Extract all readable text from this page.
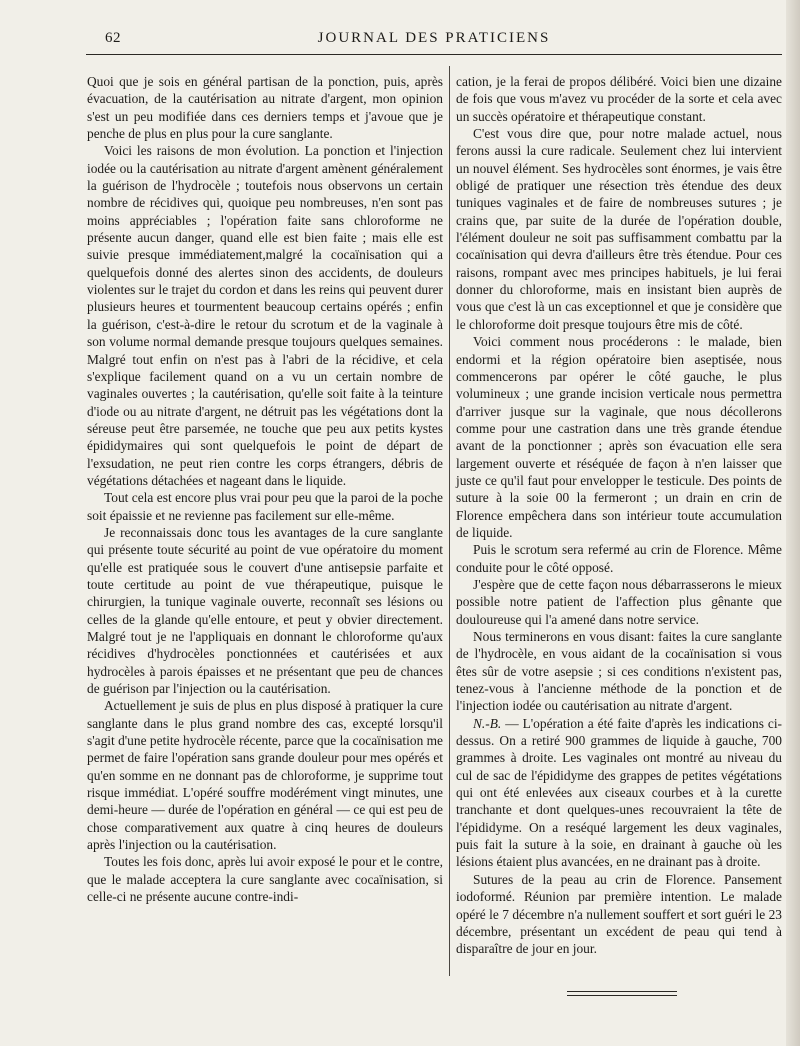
62	JOURNAL DES PRATICIENS

Quoi que je sois en général partisan de la ponction, puis, après évacuation, de la cautérisation au nitrate d'argent, mon opinion s'est un peu modifiée dans ces derniers temps et j'avoue que je penche de plus en plus pour la cure sanglante.

Voici les raisons de mon évolution. La ponction et l'injection iodée ou la cautérisation au nitrate d'argent amènent généralement la guérison de l'hydrocèle ; toutefois nous observons un certain nombre de récidives qui, quoique peu nombreuses, n'en sont pas moins appréciables ; l'opération faite sans chloroforme ne présente aucun danger, quand elle est bien faite ; mais elle est suivie presque immédiatement,malgré la cocaïnisation qui a quelquefois donné des alertes sinon des accidents, de douleurs violentes sur le trajet du cordon et dans les reins qui peuvent durer plusieurs heures et tourmentent beaucoup certains opérés ; enfin la guérison, c'est-à-dire le retour du scrotum et de la vaginale à son volume normal demande presque toujours quelques semaines. Malgré tout enfin on n'est pas à l'abri de la récidive, et cela s'explique facilement quand on a vu un certain nombre de vaginales ouvertes ; la cautérisation, qu'elle soit faite à la teinture d'iode ou au nitrate d'argent, ne détruit pas les végétations dont la séreuse peut être parsemée, ne touche que peu aux petits kystes épididymaires qui sont quelquefois le point de départ de l'exsudation, ne peut rien contre les corps étrangers, débris de végétations détachées et nageant dans le liquide.

Tout cela est encore plus vrai pour peu que la paroi de la poche soit épaissie et ne revienne pas facilement sur elle-même.

Je reconnaissais donc tous les avantages de la cure sanglante qui présente toute sécurité au point de vue opératoire du moment qu'elle est pratiquée sous le couvert d'une antisepsie parfaite et toute certitude au point de vue thérapeutique, puisque le chirurgien, la tunique vaginale ouverte, reconnaît ses lésions ou celles de la glande qu'elle entoure, et peut y obvier directement. Malgré tout je ne l'appliquais en donnant le chloroforme qu'aux récidives d'hydrocèles ponctionnées et cautérisées et aux hydrocèles à parois épaisses et ne présentant que peu de chances de guérison par l'injection ou la cautérisation.

Actuellement je suis de plus en plus disposé à pratiquer la cure sanglante dans le plus grand nombre des cas, excepté lorsqu'il s'agit d'une petite hydrocèle récente, parce que la cocaïnisation me permet de faire l'opération sans grande douleur pour mes opérés et qu'en somme en ne donnant pas de chloroforme, je supprime tout risque immédiat. L'opéré souffre modérément vingt minutes, une demi-heure — durée de l'opération en général — ce qui est peu de chose comparativement aux quatre à cinq heures de douleurs après l'injection ou la cautérisation.

Toutes les fois donc, après lui avoir exposé le pour et le contre, que le malade acceptera la cure sanglante avec cocaïnisation, si celle-ci ne présente aucune contre-indi-

cation, je la ferai de propos délibéré. Voici bien une dizaine de fois que vous m'avez vu procéder de la sorte et cela avec un succès opératoire et thérapeutique constant.

C'est vous dire que, pour notre malade actuel, nous ferons aussi la cure radicale. Seulement chez lui intervient un nouvel élément. Ses hydrocèles sont énormes, je vais être obligé de pratiquer une résection très étendue des deux tuniques vaginales et de faire de nombreuses sutures ; je crains que, par suite de la durée de l'opération double, l'élément douleur ne soit pas suffisamment combattu par la cocaïnisation qui devra d'ailleurs être très étendue. Pour ces raisons, rompant avec mes principes habituels, je lui ferai donner du chloroforme, mais en insistant bien auprès de vous que c'est là un cas exceptionnel et que je considère que le chloroforme doit presque toujours être mis de côté.

Voici comment nous procéderons : le malade, bien endormi et la région opératoire bien aseptisée, nous commencerons par opérer le côté gauche, le plus volumineux ; une grande incision verticale nous permettra d'arriver jusque sur la vaginale, que nous décollerons comme pour une castration dans une très grande étendue avant de la ponctionner ; après son évacuation elle sera largement ouverte et réséquée de façon à n'en laisser que juste ce qu'il faut pour envelopper le testicule. Des points de suture à la soie 00 la fermeront ; un drain en crin de Florence empêchera dans son intérieur toute accumulation de liquide.

Puis le scrotum sera refermé au crin de Florence. Même conduite pour le côté opposé.

J'espère que de cette façon nous débarrasserons le mieux possible notre patient de l'affection plus gênante que douloureuse qui l'a amené dans notre service.

Nous terminerons en vous disant: faites la cure sanglante de l'hydrocèle, en vous aidant de la cocaïnisation si vous êtes sûr de votre asepsie ; si ces conditions n'existent pas, tenez-vous à l'ancienne méthode de la ponction et de l'injection iodée ou cautérisation au nitrate d'argent.

N.-B. — L'opération a été faite d'après les indications ci-dessus. On a retiré 900 grammes de liquide à gauche, 700 grammes à droite. Les vaginales ont montré au niveau du cul de sac de l'épididyme des grappes de petites végétations qui ont été enlevées aux ciseaux courbes et à la curette tranchante et dont quelques-unes recouvraient la tête de l'épididyme. On a reséqué largement les deux vaginales, puis fait la suture à la soie, en drainant à gauche où les lésions étaient plus avancées, en ne drainant pas à droite.

Sutures de la peau au crin de Florence. Pansement iodoformé. Réunion par première intention. Le malade opéré le 7 décembre n'a nullement souffert et sort guéri le 23 décembre, présentant un excédent de peau qui tend à disparaître de jour en jour.
